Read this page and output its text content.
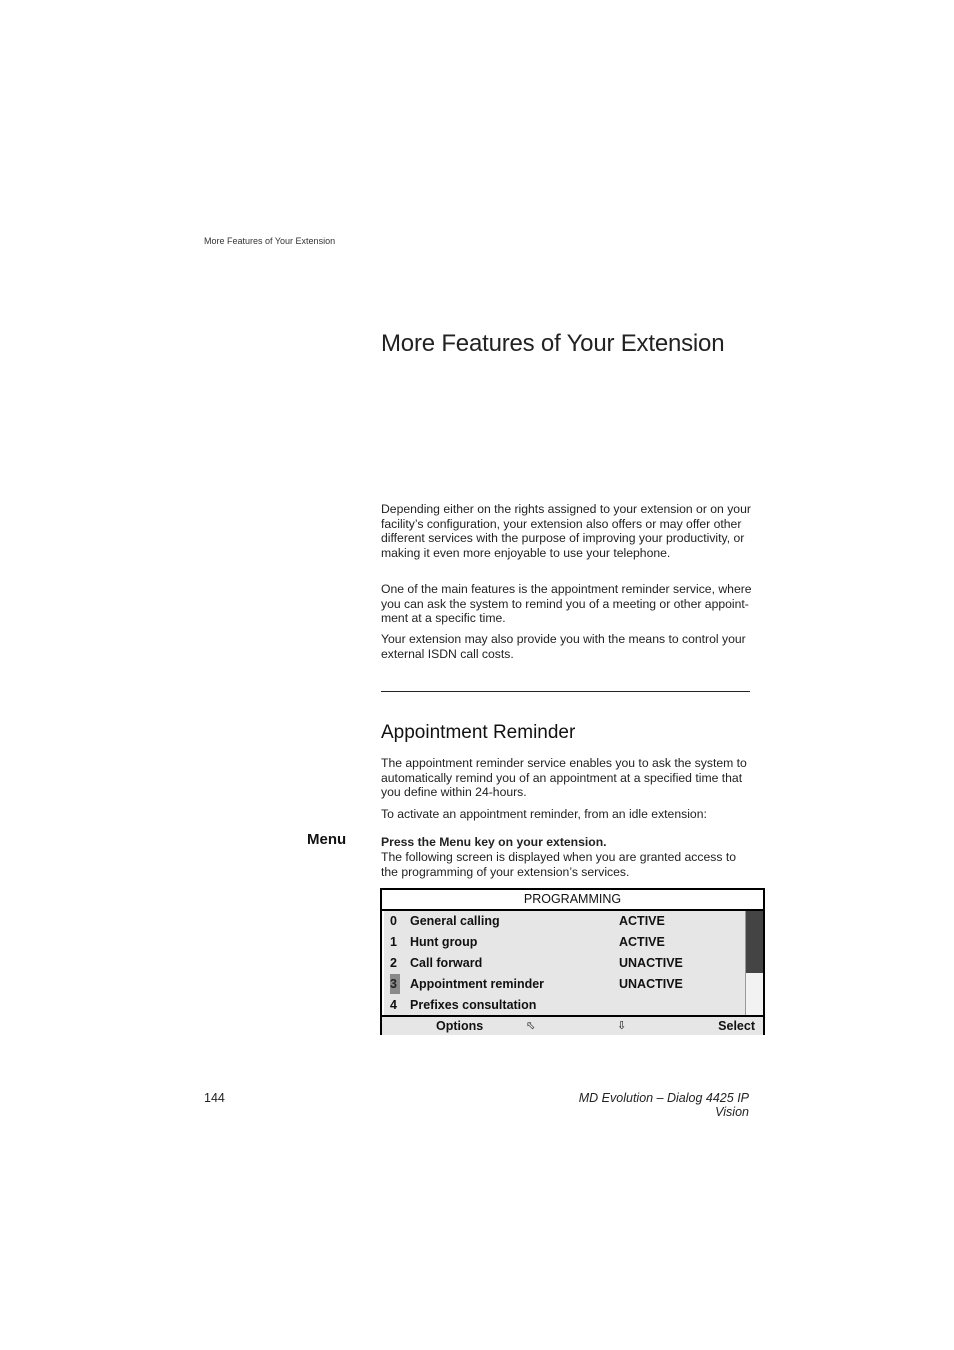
More Features of Your Extension
More Features of Your Extension

Depending either on the rights assigned to your extension or on your facility’s configuration, your extension also offers or may offer other different services with the purpose of improving your productivity, or making it even more enjoyable to use your telephone.

One of the main features is the appointment reminder service, where you can ask the system to remind you of a meeting or other appoint-ment at a specific time.

Your extension may also provide you with the means to control your external ISDN call costs.

Appointment Reminder

The appointment reminder service enables you to ask the system to automatically remind you of an appointment at a specified time that you define within 24-hours.

To activate an appointment reminder, from an idle extension:

Menu	Press the Menu key on your extension.

The following screen is displayed when you are granted access to the programming of your extension’s services.

PROGRAMMING
0 General calling	ACTIVE
1 Hunt group	ACTIVE
2 Call forward	UNACTIVE
3 Appointment reminder	UNACTIVE
4 Prefixes consultation
Options	⬁	⇩	Select
144	MD Evolution – Dialog 4425 IP Vision
